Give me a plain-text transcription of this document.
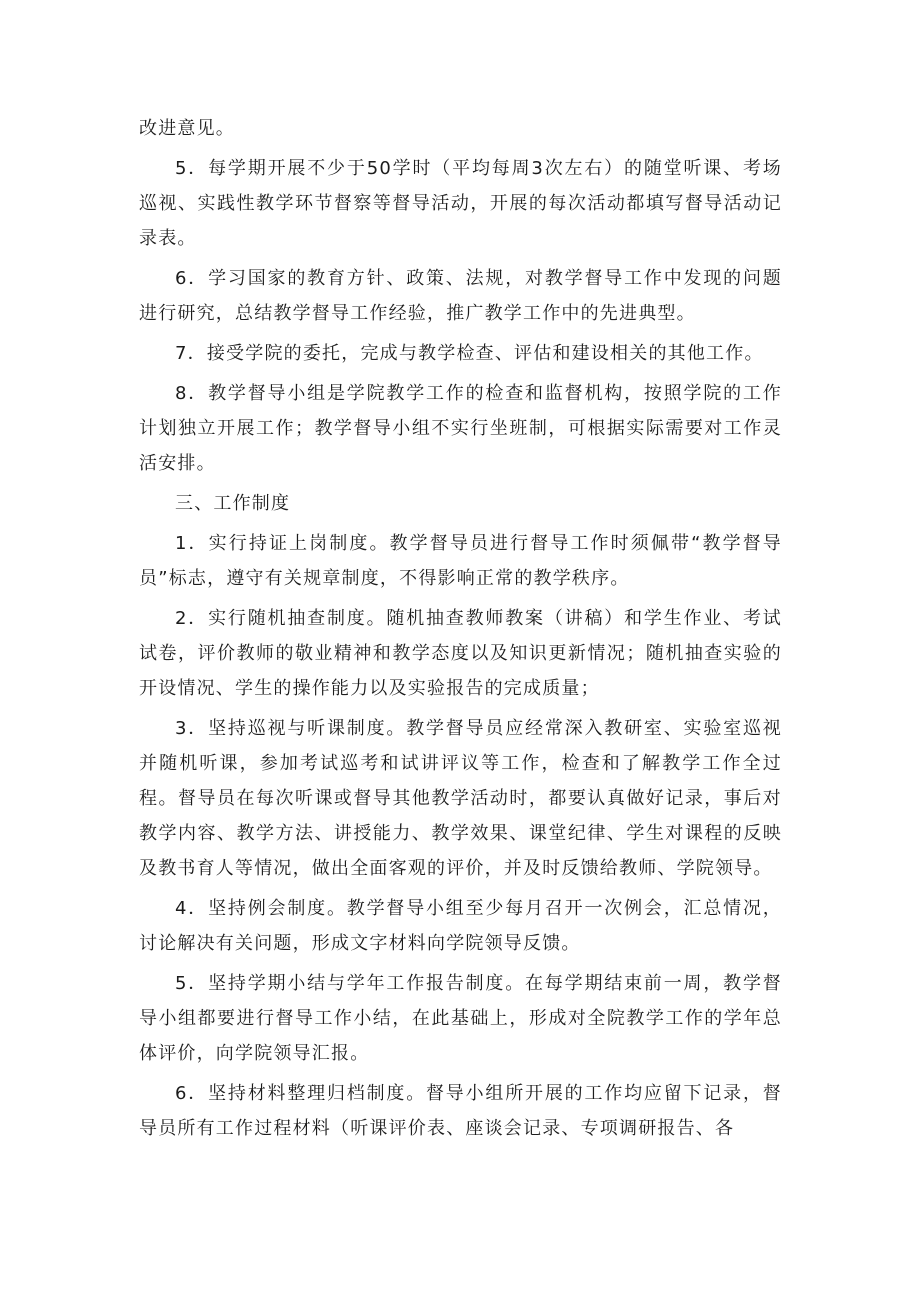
改进意见。

5．每学期开展不少于50学时（平均每周3次左右）的随堂听课、考场巡视、实践性教学环节督察等督导活动，开展的每次活动都填写督导活动记录表。

6．学习国家的教育方针、政策、法规，对教学督导工作中发现的问题进行研究，总结教学督导工作经验，推广教学工作中的先进典型。

7．接受学院的委托，完成与教学检查、评估和建设相关的其他工作。

8．教学督导小组是学院教学工作的检查和监督机构，按照学院的工作计划独立开展工作；教学督导小组不实行坐班制，可根据实际需要对工作灵活安排。

三、工作制度

1．实行持证上岗制度。教学督导员进行督导工作时须佩带“教学督导员”标志，遵守有关规章制度，不得影响正常的教学秩序。

2．实行随机抽查制度。随机抽查教师教案（讲稿）和学生作业、考试试卷，评价教师的敬业精神和教学态度以及知识更新情况；随机抽查实验的开设情况、学生的操作能力以及实验报告的完成质量；

3．坚持巡视与听课制度。教学督导员应经常深入教研室、实验室巡视并随机听课，参加考试巡考和试讲评议等工作，检查和了解教学工作全过程。督导员在每次听课或督导其他教学活动时，都要认真做好记录，事后对教学内容、教学方法、讲授能力、教学效果、课堂纪律、学生对课程的反映及教书育人等情况，做出全面客观的评价，并及时反馈给教师、学院领导。

4．坚持例会制度。教学督导小组至少每月召开一次例会，汇总情况，讨论解决有关问题，形成文字材料向学院领导反馈。

5．坚持学期小结与学年工作报告制度。在每学期结束前一周，教学督导小组都要进行督导工作小结，在此基础上，形成对全院教学工作的学年总体评价，向学院领导汇报。

6．坚持材料整理归档制度。督导小组所开展的工作均应留下记录，督导员所有工作过程材料（听课评价表、座谈会记录、专项调研报告、各
